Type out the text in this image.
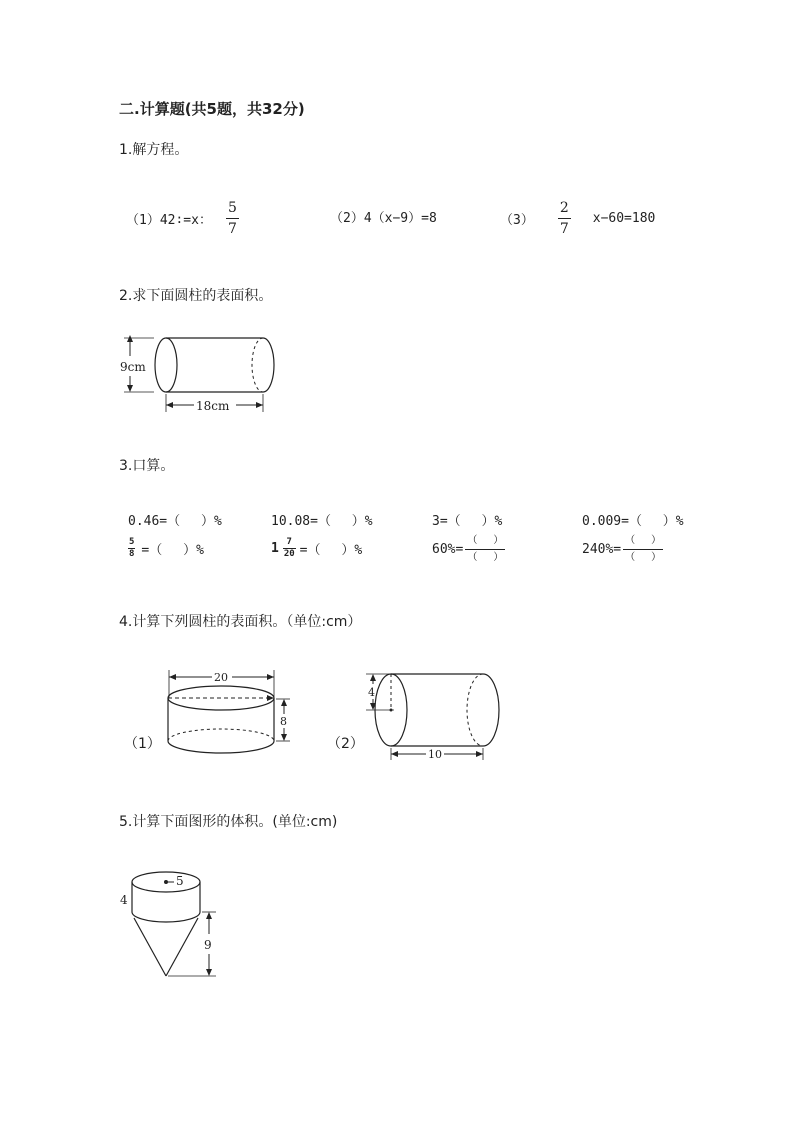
二.计算题(共5题，共32分)
1.解方程。
（1）42∶=x： $\frac{5}{7}$	（2）4（x−9）=8	$(3) \frac{2}{7} x-60=180$
2.求下面圆柱的表面积。
9cm
18cm
3.口算。
0.46=（　 ）%	10.08=（　 ）%	3=（　 ）%	0.009=（　 ）%
$\frac{5}{8}$ =（　 ）%	$1 \frac{7}{20}$ =（　 ）%	$60\%= \frac{( )}{( )}$	$240\%= \frac{( )}{( )}$
4.计算下列圆柱的表面积。（单位:cm）
（1）
20
8
（2）
4
10
5.计算下面图形的体积。(单位:cm)
4
5
9
